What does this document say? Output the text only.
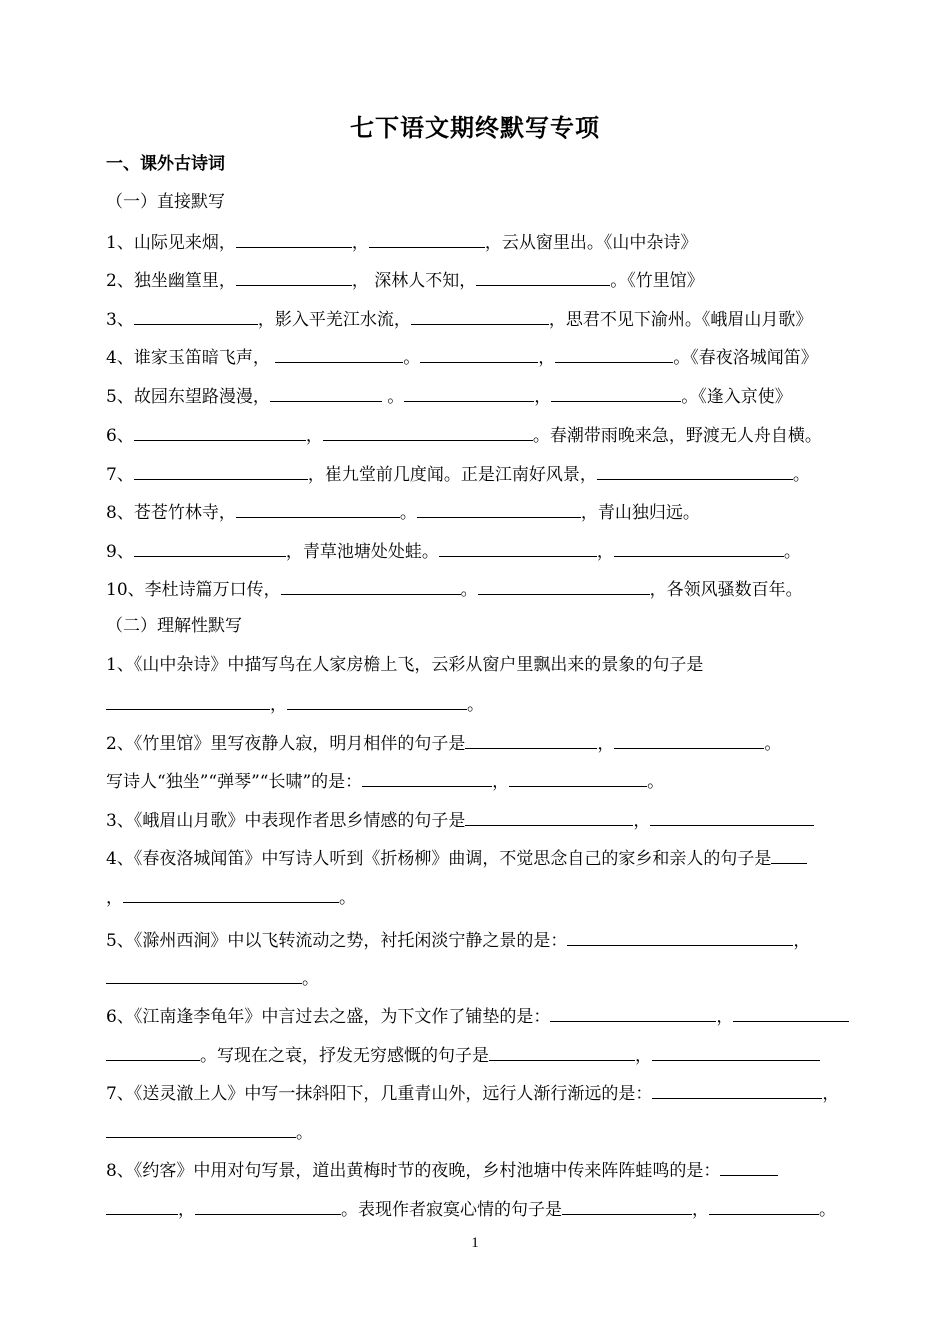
七下语文期终默写专项
一、课外古诗词
（一）直接默写
1、山际见来烟，	，	，云从窗里出。《山中杂诗》
2、独坐幽篁里，	， 深林人不知，	。《竹里馆》
3、	，影入平羌江水流，	，思君不见下渝州。《峨眉山月歌》
4、谁家玉笛暗飞声，	。	，	。《春夜洛城闻笛》
5、故园东望路漫漫，	。	，	。《逢入京使》
6、	，	。春潮带雨晚来急，野渡无人舟自横。
7、	，崔九堂前几度闻。正是江南好风景，	。
8、苍苍竹林寺，	。	，青山独归远。
9、	，青草池塘处处蛙。	，	。
10、李杜诗篇万口传，	。	，各领风骚数百年。
（二）理解性默写
1、《山中杂诗》中描写鸟在人家房檐上飞，云彩从窗户里飘出来的景象的句子是
，	。
2、《竹里馆》里写夜静人寂，明月相伴的句子是	，	。
写诗人“独坐”“弹琴”“长啸”的是：	，	。
3、《峨眉山月歌》中表现作者思乡情感的句子是	，
4、《春夜洛城闻笛》中写诗人听到《折杨柳》曲调，不觉思念自己的家乡和亲人的句子是
，	。
5、《滁州西涧》中以飞转流动之势，衬托闲淡宁静之景的是：	，
。
6、《江南逢李龟年》中言过去之盛，为下文作了铺垫的是：	，
。写现在之衰，抒发无穷感慨的句子是	，
7、《送灵澈上人》中写一抹斜阳下，几重青山外，远行人渐行渐远的是：	，
。
8、《约客》中用对句写景，道出黄梅时节的夜晚，乡村池塘中传来阵阵蛙鸣的是：
，	。表现作者寂寞心情的句子是	，	。
1
